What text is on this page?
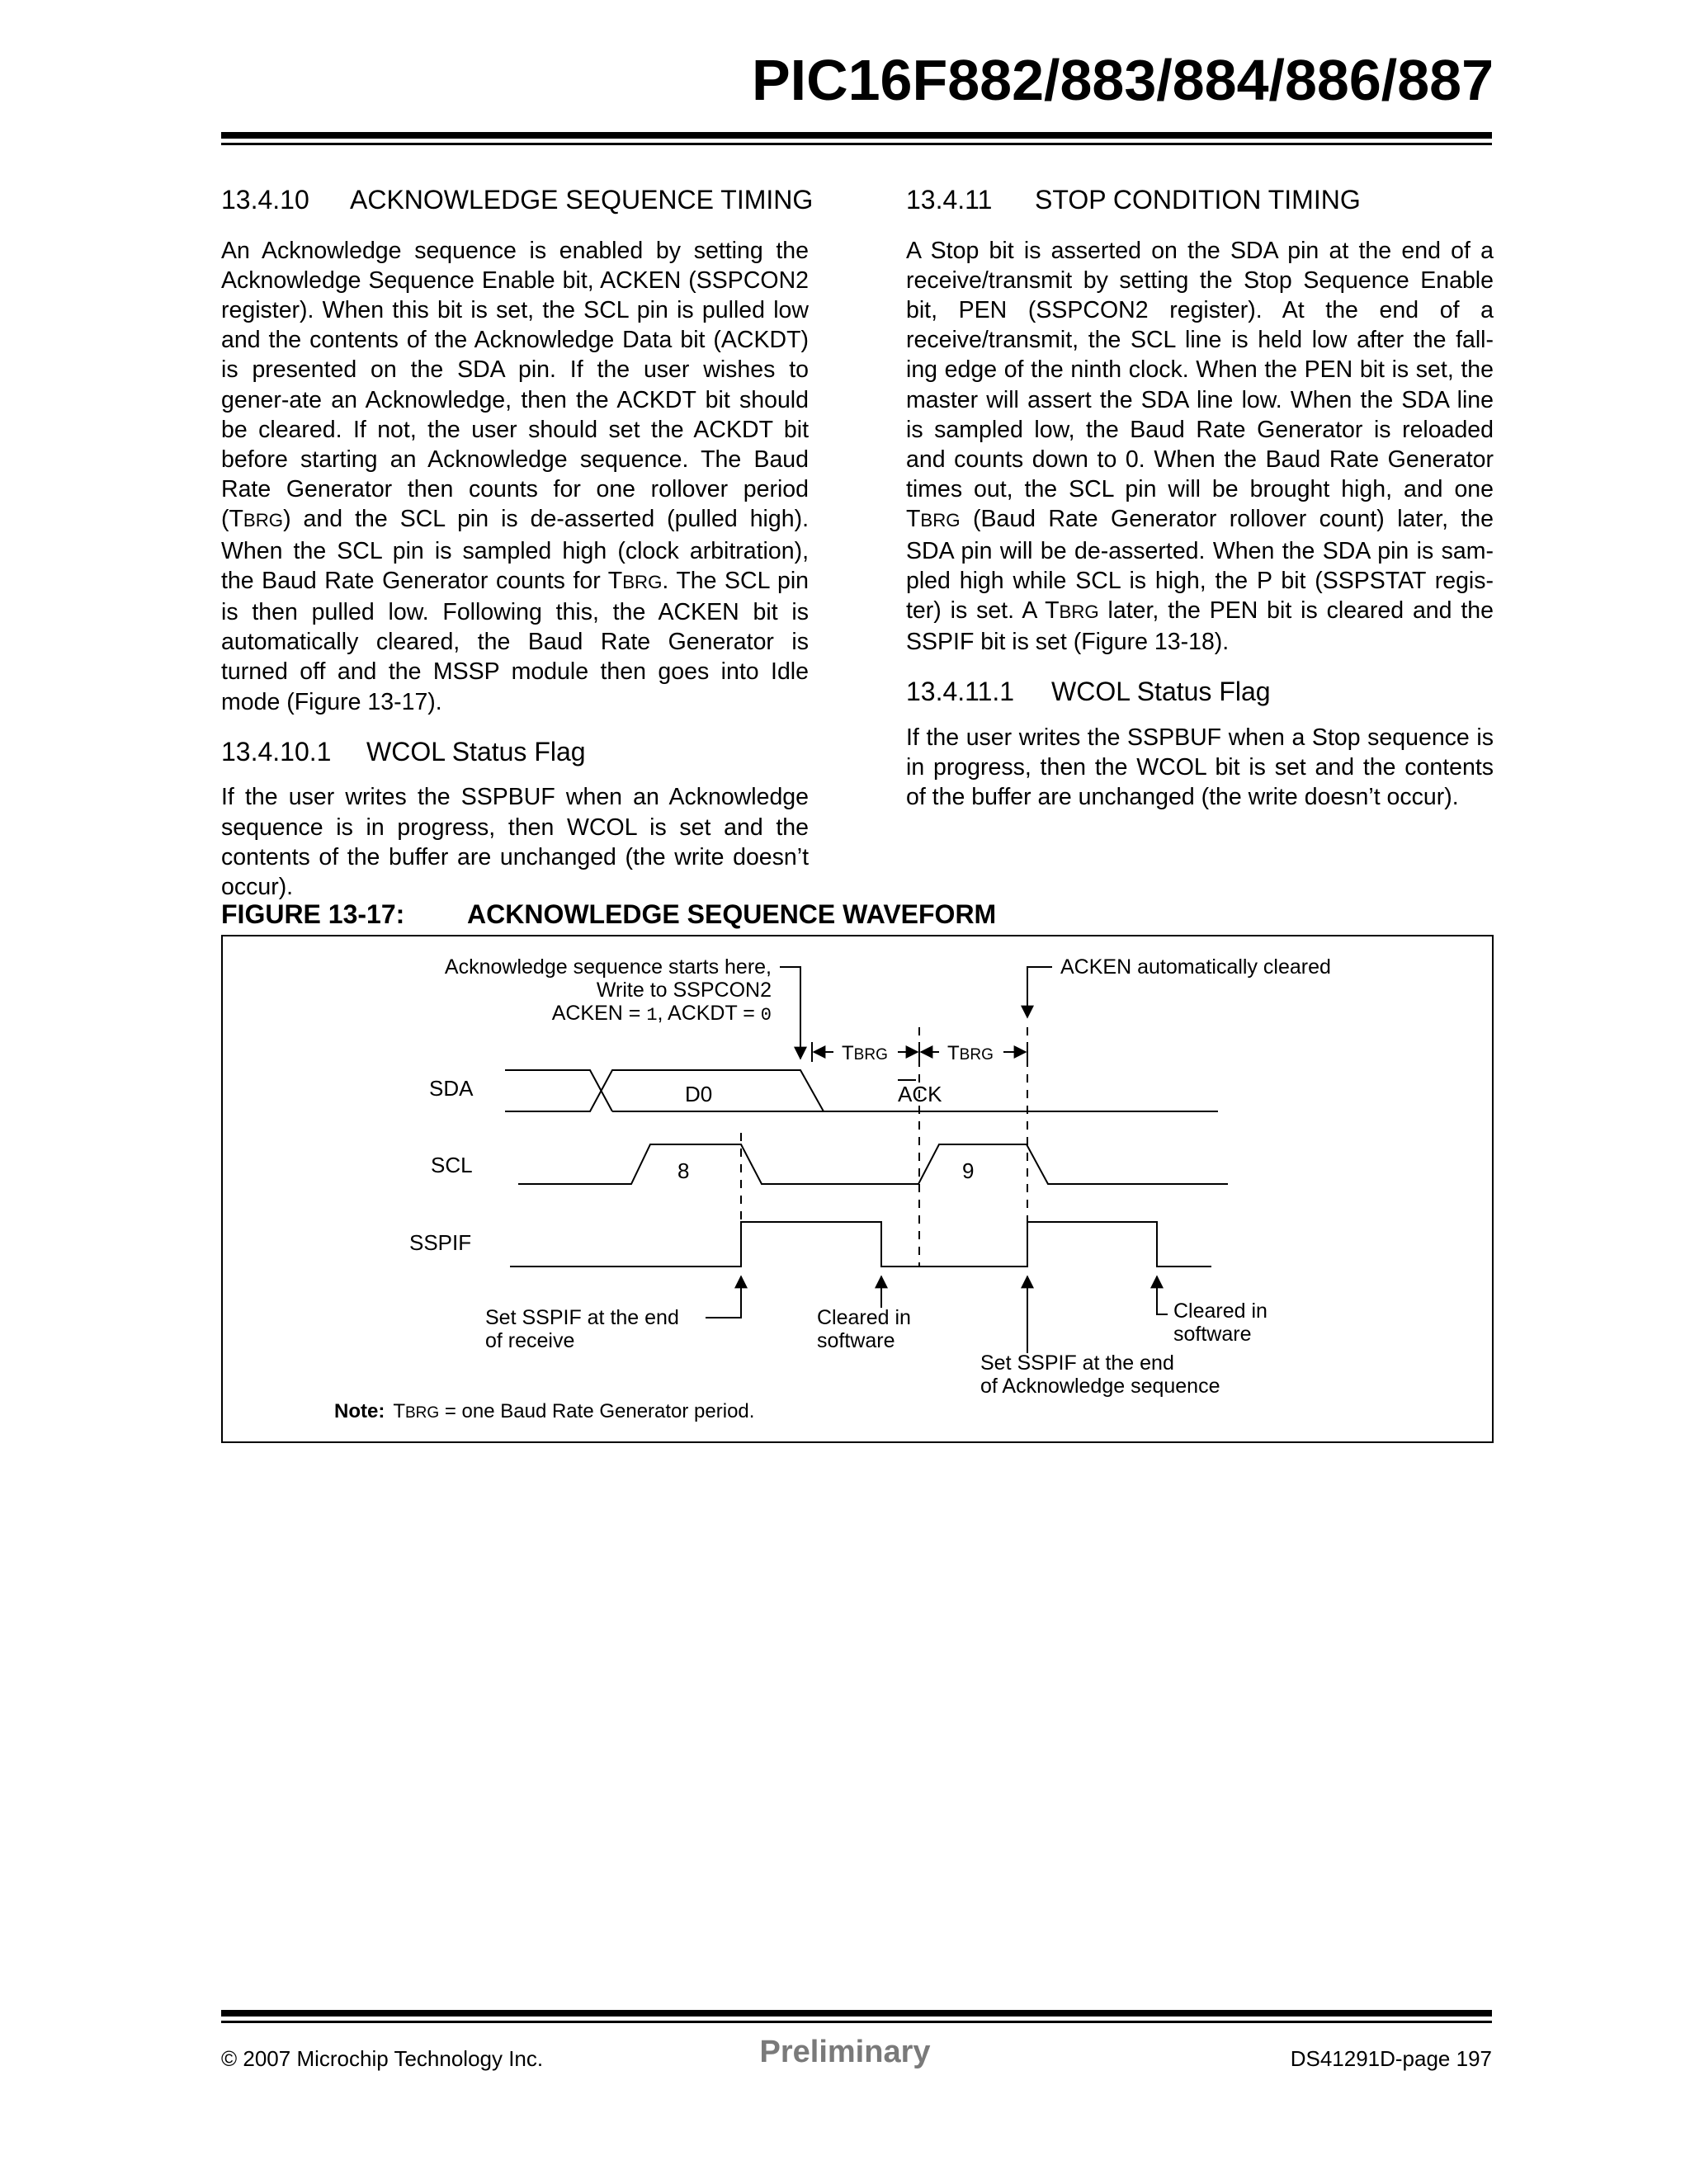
PIC16F882/883/884/886/887
13.4.10 ACKNOWLEDGE SEQUENCE TIMING

An Acknowledge sequence is enabled by setting the Acknowledge Sequence Enable bit, ACKEN (SSPCON2 register). When this bit is set, the SCL pin is pulled low and the contents of the Acknowledge Data bit (ACKDT) is presented on the SDA pin. If the user wishes to gener-ate an Acknowledge, then the ACKDT bit should be cleared. If not, the user should set the ACKDT bit before starting an Acknowledge sequence. The Baud Rate Generator then counts for one rollover period (TBRG) and the SCL pin is de-asserted (pulled high). When the SCL pin is sampled high (clock arbitration), the Baud Rate Generator counts for TBRG. The SCL pin is then pulled low. Following this, the ACKEN bit is automatically cleared, the Baud Rate Generator is turned off and the MSSP module then goes into Idle mode (Figure 13-17).

13.4.10.1 WCOL Status Flag

If the user writes the SSPBUF when an Acknowledge sequence is in progress, then WCOL is set and the contents of the buffer are unchanged (the write doesn’t occur).

13.4.11 STOP CONDITION TIMING

A Stop bit is asserted on the SDA pin at the end of a receive/transmit by setting the Stop Sequence Enable bit, PEN (SSPCON2 register). At the end of a receive/transmit, the SCL line is held low after the fall-ing edge of the ninth clock. When the PEN bit is set, the master will assert the SDA line low. When the SDA line is sampled low, the Baud Rate Generator is reloaded and counts down to 0. When the Baud Rate Generator times out, the SCL pin will be brought high, and one TBRG (Baud Rate Generator rollover count) later, the SDA pin will be de-asserted. When the SDA pin is sam-pled high while SCL is high, the P bit (SSPSTAT regis-ter) is set. A TBRG later, the PEN bit is cleared and the SSPIF bit is set (Figure 13-18).

13.4.11.1 WCOL Status Flag

If the user writes the SSPBUF when a Stop sequence is in progress, then the WCOL bit is set and the contents of the buffer are unchanged (the write doesn’t occur).

FIGURE 13-17: ACKNOWLEDGE SEQUENCE WAVEFORM
Acknowledge sequence starts here,
Write to SSPCON2
ACKEN = 1, ACKDT = 0
ACKEN automatically cleared
TBRG	TBRG
SDA
SCL
SSPIF
D0	ACK
8	9
Set SSPIF at the end
of receive
Cleared in
software
Set SSPIF at the end
of Acknowledge sequence
Cleared in
software
Note: TBRG = one Baud Rate Generator period.
© 2007 Microchip Technology Inc.	Preliminary	DS41291D-page 197
